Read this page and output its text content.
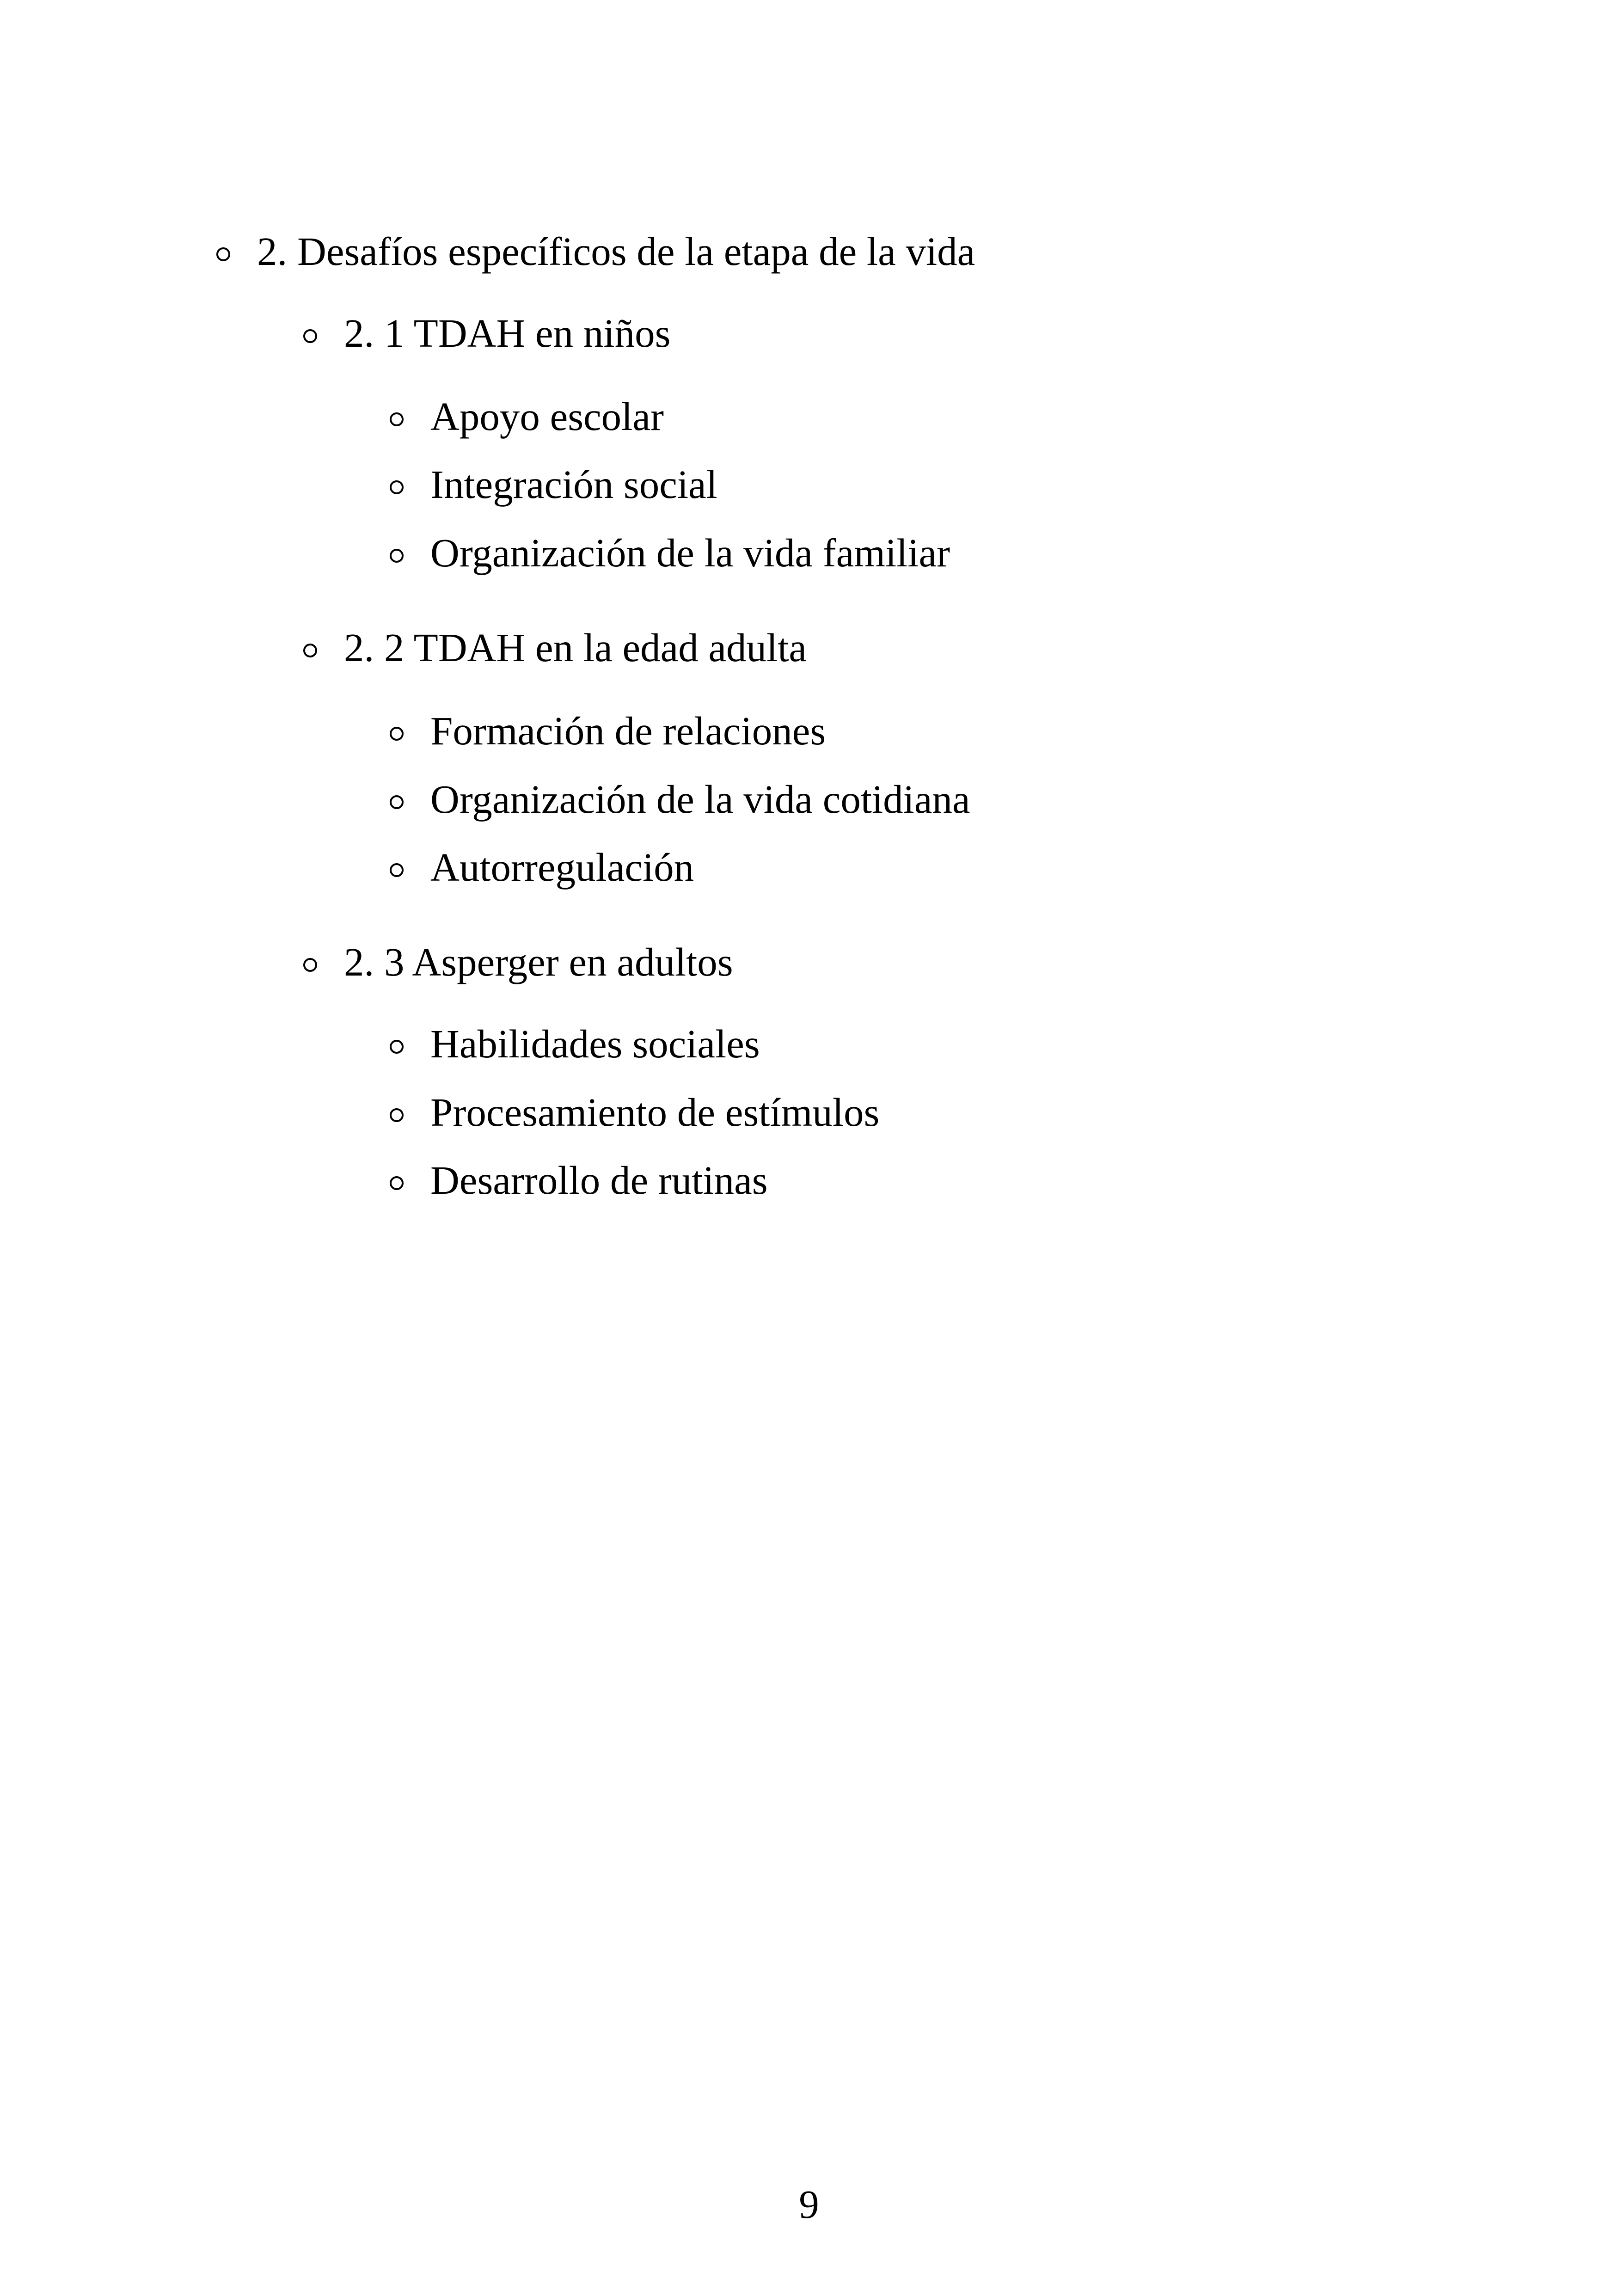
2. Desafíos específicos de la etapa de la vida
2. 1 TDAH en niños
Apoyo escolar
Integración social
Organización de la vida familiar
2. 2 TDAH en la edad adulta
Formación de relaciones
Organización de la vida cotidiana
Autorregulación
2. 3 Asperger en adultos
Habilidades sociales
Procesamiento de estímulos
Desarrollo de rutinas
9
